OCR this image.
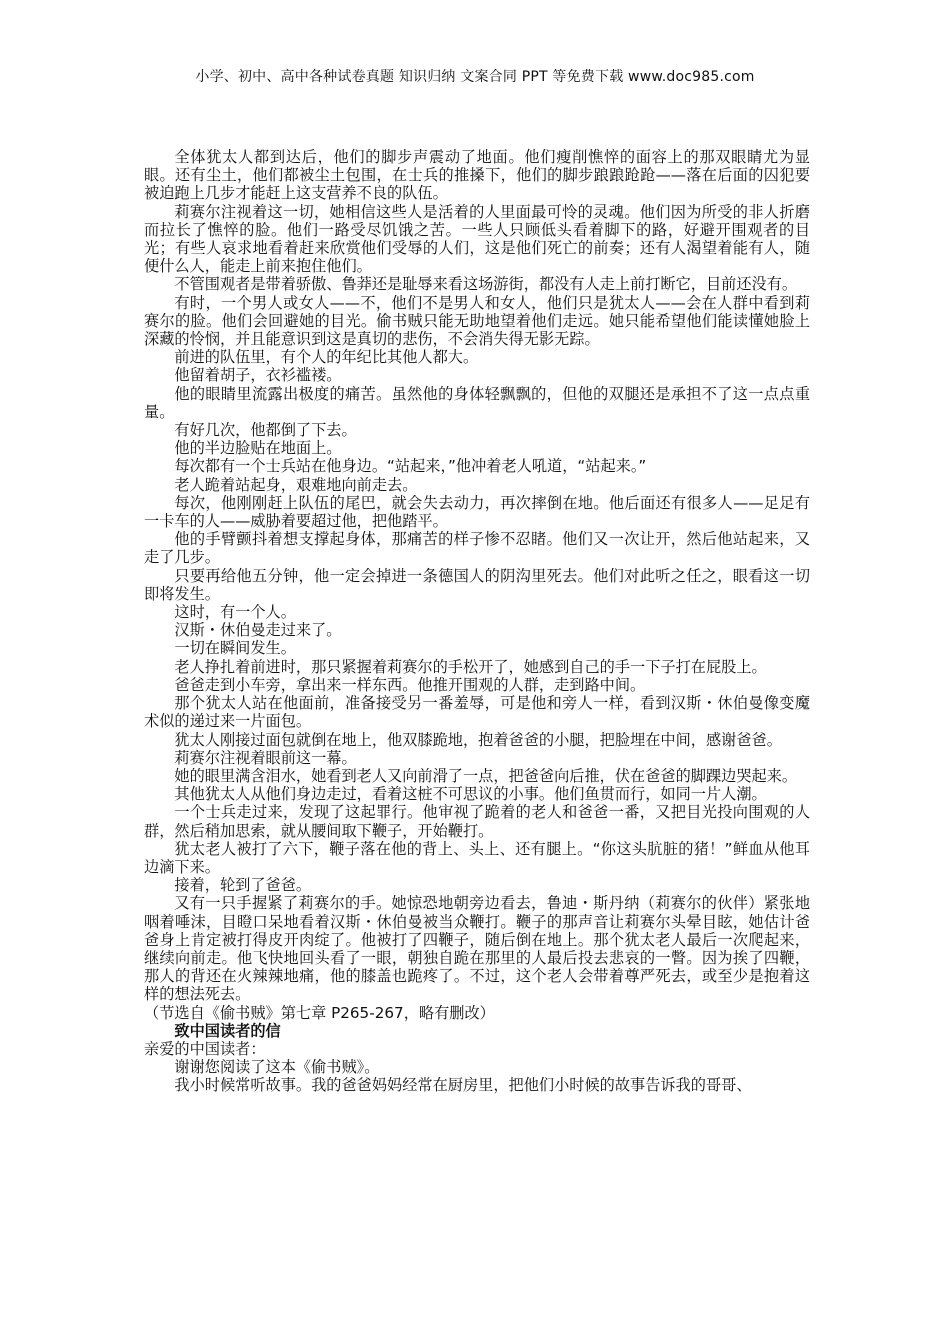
小学、初中、高中各种试卷真题 知识归纳 文案合同 PPT 等免费下载 www.doc985.com

全体犹太人都到达后，他们的脚步声震动了地面。他们瘦削憔悴的面容上的那双眼睛尤为显眼。还有尘土，他们都被尘土包围，在士兵的推搡下，他们的脚步踉踉跄跄——落在后面的囚犯要被迫跑上几步才能赶上这支营养不良的队伍。

莉赛尔注视着这一切，她相信这些人是活着的人里面最可怜的灵魂。他们因为所受的非人折磨而拉长了憔悴的脸。他们一路受尽饥饿之苦。一些人只顾低头看着脚下的路，好避开围观者的目光；有些人哀求地看着赶来欣赏他们受辱的人们，这是他们死亡的前奏；还有人渴望着能有人，随便什么人，能走上前来抱住他们。

不管围观者是带着骄傲、鲁莽还是耻辱来看这场游街，都没有人走上前打断它，目前还没有。

有时，一个男人或女人——不，他们不是男人和女人，他们只是犹太人——会在人群中看到莉赛尔的脸。他们会回避她的目光。偷书贼只能无助地望着他们走远。她只能希望他们能读懂她脸上深藏的怜悯，并且能意识到这是真切的悲伤，不会消失得无影无踪。

前进的队伍里，有个人的年纪比其他人都大。

他留着胡子，衣衫褴褛。

他的眼睛里流露出极度的痛苦。虽然他的身体轻飘飘的，但他的双腿还是承担不了这一点点重量。

有好几次，他都倒了下去。

他的半边脸贴在地面上。

每次都有一个士兵站在他身边。“站起来，”他冲着老人吼道，“站起来。”

老人跪着站起身，艰难地向前走去。

每次，他刚刚赶上队伍的尾巴，就会失去动力，再次摔倒在地。他后面还有很多人——足足有一卡车的人——威胁着要超过他，把他踏平。

他的手臂颤抖着想支撑起身体，那痛苦的样子惨不忍睹。他们又一次让开，然后他站起来，又走了几步。

只要再给他五分钟，他一定会掉进一条德国人的阴沟里死去。他们对此听之任之，眼看这一切即将发生。

这时，有一个人。

汉斯・休伯曼走过来了。

一切在瞬间发生。

老人挣扎着前进时，那只紧握着莉赛尔的手松开了，她感到自己的手一下子打在屁股上。

爸爸走到小车旁，拿出来一样东西。他推开围观的人群，走到路中间。

那个犹太人站在他面前，准备接受另一番羞辱，可是他和旁人一样，看到汉斯・休伯曼像变魔术似的递过来一片面包。

犹太人刚接过面包就倒在地上，他双膝跪地，抱着爸爸的小腿，把脸埋在中间，感谢爸爸。

莉赛尔注视着眼前这一幕。

她的眼里满含泪水，她看到老人又向前滑了一点，把爸爸向后推，伏在爸爸的脚踝边哭起来。

其他犹太人从他们身边走过，看着这桩不可思议的小事。他们鱼贯而行，如同一片人潮。

一个士兵走过来，发现了这起罪行。他审视了跪着的老人和爸爸一番，又把目光投向围观的人群，然后稍加思索，就从腰间取下鞭子，开始鞭打。

犹太老人被打了六下，鞭子落在他的背上、头上、还有腿上。“你这头肮脏的猪！”鲜血从他耳边滴下来。

接着，轮到了爸爸。

又有一只手握紧了莉赛尔的手。她惊恐地朝旁边看去，鲁迪・斯丹纳（莉赛尔的伙伴）紧张地咽着唾沫，目瞪口呆地看着汉斯・休伯曼被当众鞭打。鞭子的那声音让莉赛尔头晕目眩，她估计爸爸身上肯定被打得皮开肉绽了。他被打了四鞭子，随后倒在地上。那个犹太老人最后一次爬起来，继续向前走。他飞快地回头看了一眼，朝独自跪在那里的人最后投去悲哀的一瞥。因为挨了四鞭，那人的背还在火辣辣地痛，他的膝盖也跪疼了。不过，这个老人会带着尊严死去，或至少是抱着这样的想法死去。

（节选自《偷书贼》第七章 P265-267，略有删改）

致中国读者的信

亲爱的中国读者：

谢谢您阅读了这本《偷书贼》。

我小时候常听故事。我的爸爸妈妈经常在厨房里，把他们小时候的故事告诉我的哥哥、
